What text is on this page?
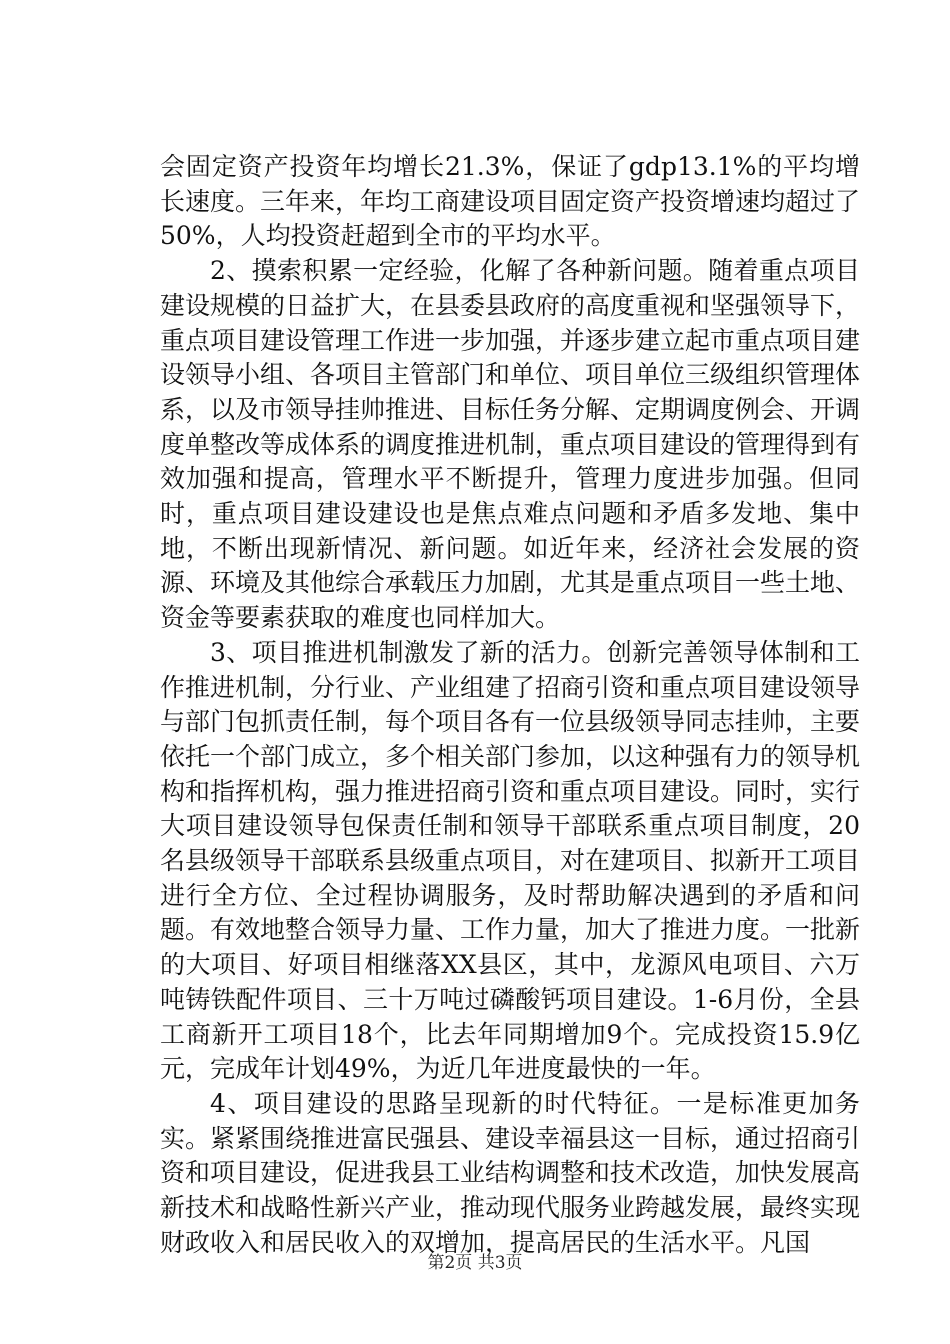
会固定资产投资年均增长21.3%，保证了gdp13.1%的平均增长速度。三年来，年均工商建设项目固定资产投资增速均超过了50%，人均投资赶超到全市的平均水平。

2、摸索积累一定经验，化解了各种新问题。随着重点项目建设规模的日益扩大，在县委县政府的高度重视和坚强领导下，重点项目建设管理工作进一步加强，并逐步建立起市重点项目建设领导小组、各项目主管部门和单位、项目单位三级组织管理体系，以及市领导挂帅推进、目标任务分解、定期调度例会、开调度单整改等成体系的调度推进机制，重点项目建设的管理得到有效加强和提高，管理水平不断提升，管理力度进步加强。但同时，重点项目建设建设也是焦点难点问题和矛盾多发地、集中地，不断出现新情况、新问题。如近年来，经济社会发展的资源、环境及其他综合承载压力加剧，尤其是重点项目一些土地、资金等要素获取的难度也同样加大。

3、项目推进机制激发了新的活力。创新完善领导体制和工作推进机制，分行业、产业组建了招商引资和重点项目建设领导与部门包抓责任制，每个项目各有一位县级领导同志挂帅，主要依托一个部门成立，多个相关部门参加，以这种强有力的领导机构和指挥机构，强力推进招商引资和重点项目建设。同时，实行大项目建设领导包保责任制和领导干部联系重点项目制度，20名县级领导干部联系县级重点项目，对在建项目、拟新开工项目进行全方位、全过程协调服务，及时帮助解决遇到的矛盾和问题。有效地整合领导力量、工作力量，加大了推进力度。一批新的大项目、好项目相继落XX县区，其中，龙源风电项目、六万吨铸铁配件项目、三十万吨过磷酸钙项目建设。1-6月份，全县工商新开工项目18个，比去年同期增加9个。完成投资15.9亿元，完成年计划49%，为近几年进度最快的一年。

4、项目建设的思路呈现新的时代特征。一是标准更加务实。紧紧围绕推进富民强县、建设幸福县这一目标，通过招商引资和项目建设，促进我县工业结构调整和技术改造，加快发展高新技术和战略性新兴产业，推动现代服务业跨越发展，最终实现财政收入和居民收入的双增加，提高居民的生活水平。凡国

第2页 共3页
